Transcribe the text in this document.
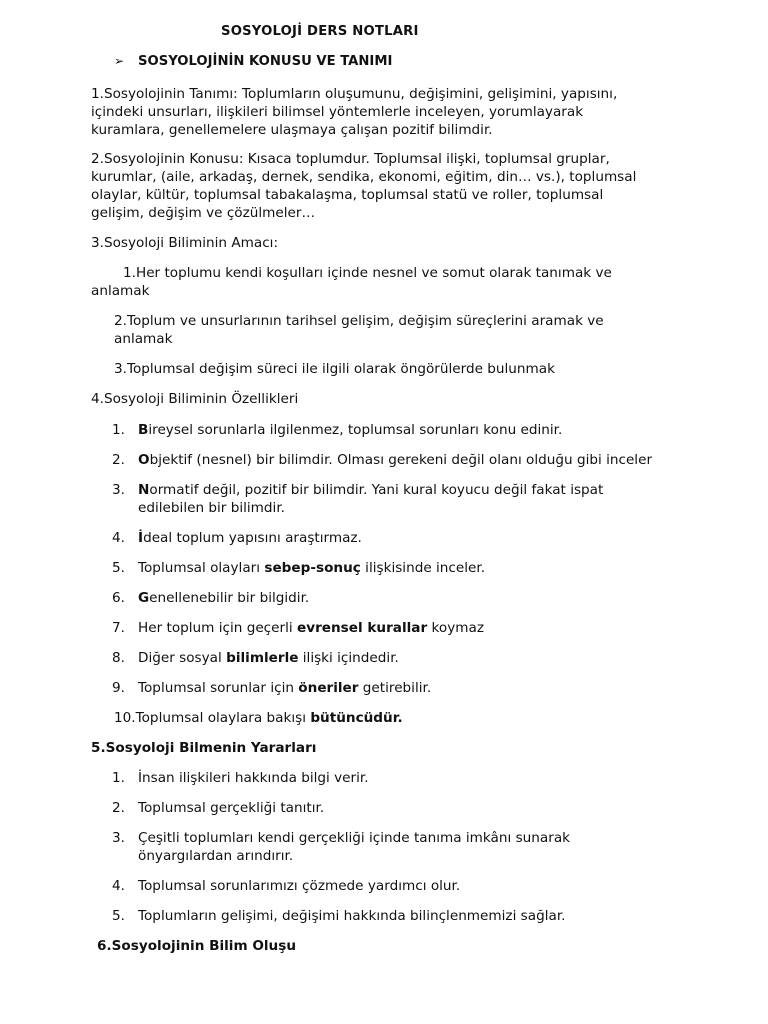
SOSYOLOJİ DERS NOTLARI
➢ SOSYOLOJİNİN KONUSU VE TANIMI
1.Sosyolojinin Tanımı: Toplumların oluşumunu, değişimini, gelişimini, yapısını,
içindeki unsurları, ilişkileri bilimsel yöntemlerle inceleyen, yorumlayarak
kuramlara, genellemelere ulaşmaya çalışan pozitif bilimdir.
2.Sosyolojinin Konusu: Kısaca toplumdur. Toplumsal ilişki, toplumsal gruplar,
kurumlar, (aile, arkadaş, dernek, sendika, ekonomi, eğitim, din… vs.), toplumsal
olaylar, kültür, toplumsal tabakalaşma, toplumsal statü ve roller, toplumsal
gelişim, değişim ve çözülmeler…
3.Sosyoloji Biliminin Amacı:
1.Her toplumu kendi koşulları içinde nesnel ve somut olarak tanımak ve
anlamak
2.Toplum ve unsurlarının tarihsel gelişim, değişim süreçlerini aramak ve
anlamak
3.Toplumsal değişim süreci ile ilgili olarak öngörülerde bulunmak
4.Sosyoloji Biliminin Özellikleri
1. Bireysel sorunlarla ilgilenmez, toplumsal sorunları konu edinir.
2. Objektif (nesnel) bir bilimdir. Olması gerekeni değil olanı olduğu gibi inceler
3. Normatif değil, pozitif bir bilimdir. Yani kural koyucu değil fakat ispat
edilebilen bir bilimdir.
4. İdeal toplum yapısını araştırmaz.
5. Toplumsal olayları sebep-sonuç ilişkisinde inceler.
6. Genellenebilir bir bilgidir.
7. Her toplum için geçerli evrensel kurallar koymaz
8. Diğer sosyal bilimlerle ilişki içindedir.
9. Toplumsal sorunlar için öneriler getirebilir.
10.Toplumsal olaylara bakışı bütüncüdür.
5.Sosyoloji Bilmenin Yararları
1. İnsan ilişkileri hakkında bilgi verir.
2. Toplumsal gerçekliği tanıtır.
3. Çeşitli toplumları kendi gerçekliği içinde tanıma imkânı sunarak
önyargılardan arındırır.
4. Toplumsal sorunlarımızı çözmede yardımcı olur.
5. Toplumların gelişimi, değişimi hakkında bilinçlenmemizi sağlar.
6.Sosyolojinin Bilim Oluşu
